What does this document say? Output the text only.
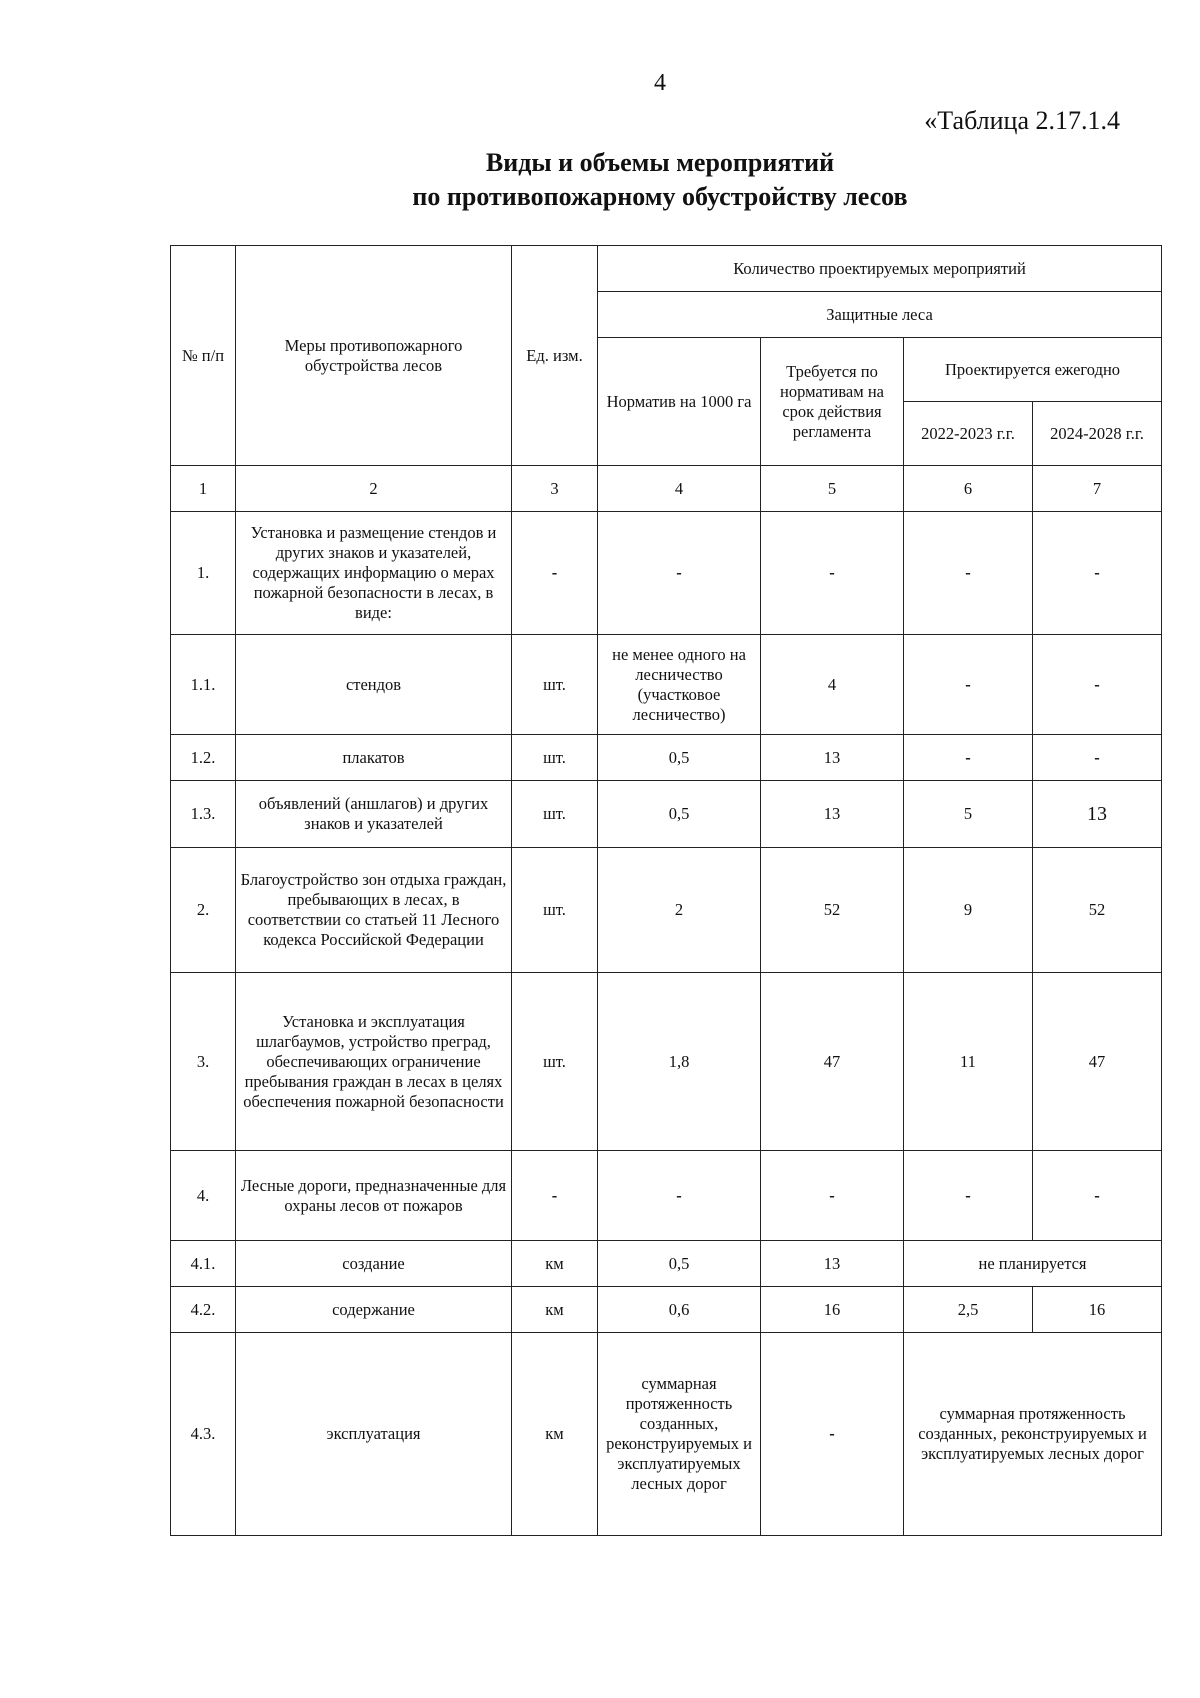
4
«Таблица 2.17.1.4
Виды и объемы мероприятий
по противопожарному обустройству лесов
№ п/п	Меры противопожарного обустройства лесов	Ед. изм.	Количество проектируемых мероприятий			
			Защитные леса			
			Норматив на 1000 га	Требуется по нормативам на срок действия регламента	Проектируется ежегодно	
					2022-2023 г.г.	2024-2028 г.г.
1	2	3	4	5	6	7
1.	Установка и размещение стендов и других знаков и указателей, содержащих информацию о мерах пожарной безопасности в лесах, в виде:	-	-	-	-	-
1.1.	стендов	шт.	не менее одного на лесничество (участковое лесничество)	4	-	-
1.2.	плакатов	шт.	0,5	13	-	-
1.3.	объявлений (аншлагов) и других знаков и указателей	шт.	0,5	13	5	13
2.	Благоустройство зон отдыха граждан, пребывающих в лесах, в соответствии со статьей 11 Лесного кодекса Российской Федерации	шт.	2	52	9	52
3.	Установка и эксплуатация шлагбаумов, устройство преград, обеспечивающих ограничение пребывания граждан в лесах в целях обеспечения пожарной безопасности	шт.	1,8	47	11	47
4.	Лесные дороги, предназначенные для охраны лесов от пожаров	-	-	-	-	-
4.1.	создание	км	0,5	13	не планируется	
4.2.	содержание	км	0,6	16	2,5	16
4.3.	эксплуатация	км	суммарная протяженность созданных, реконструируемых и эксплуатируемых лесных дорог	-	суммарная протяженность созданных, реконструируемых и эксплуатируемых лесных дорог	
